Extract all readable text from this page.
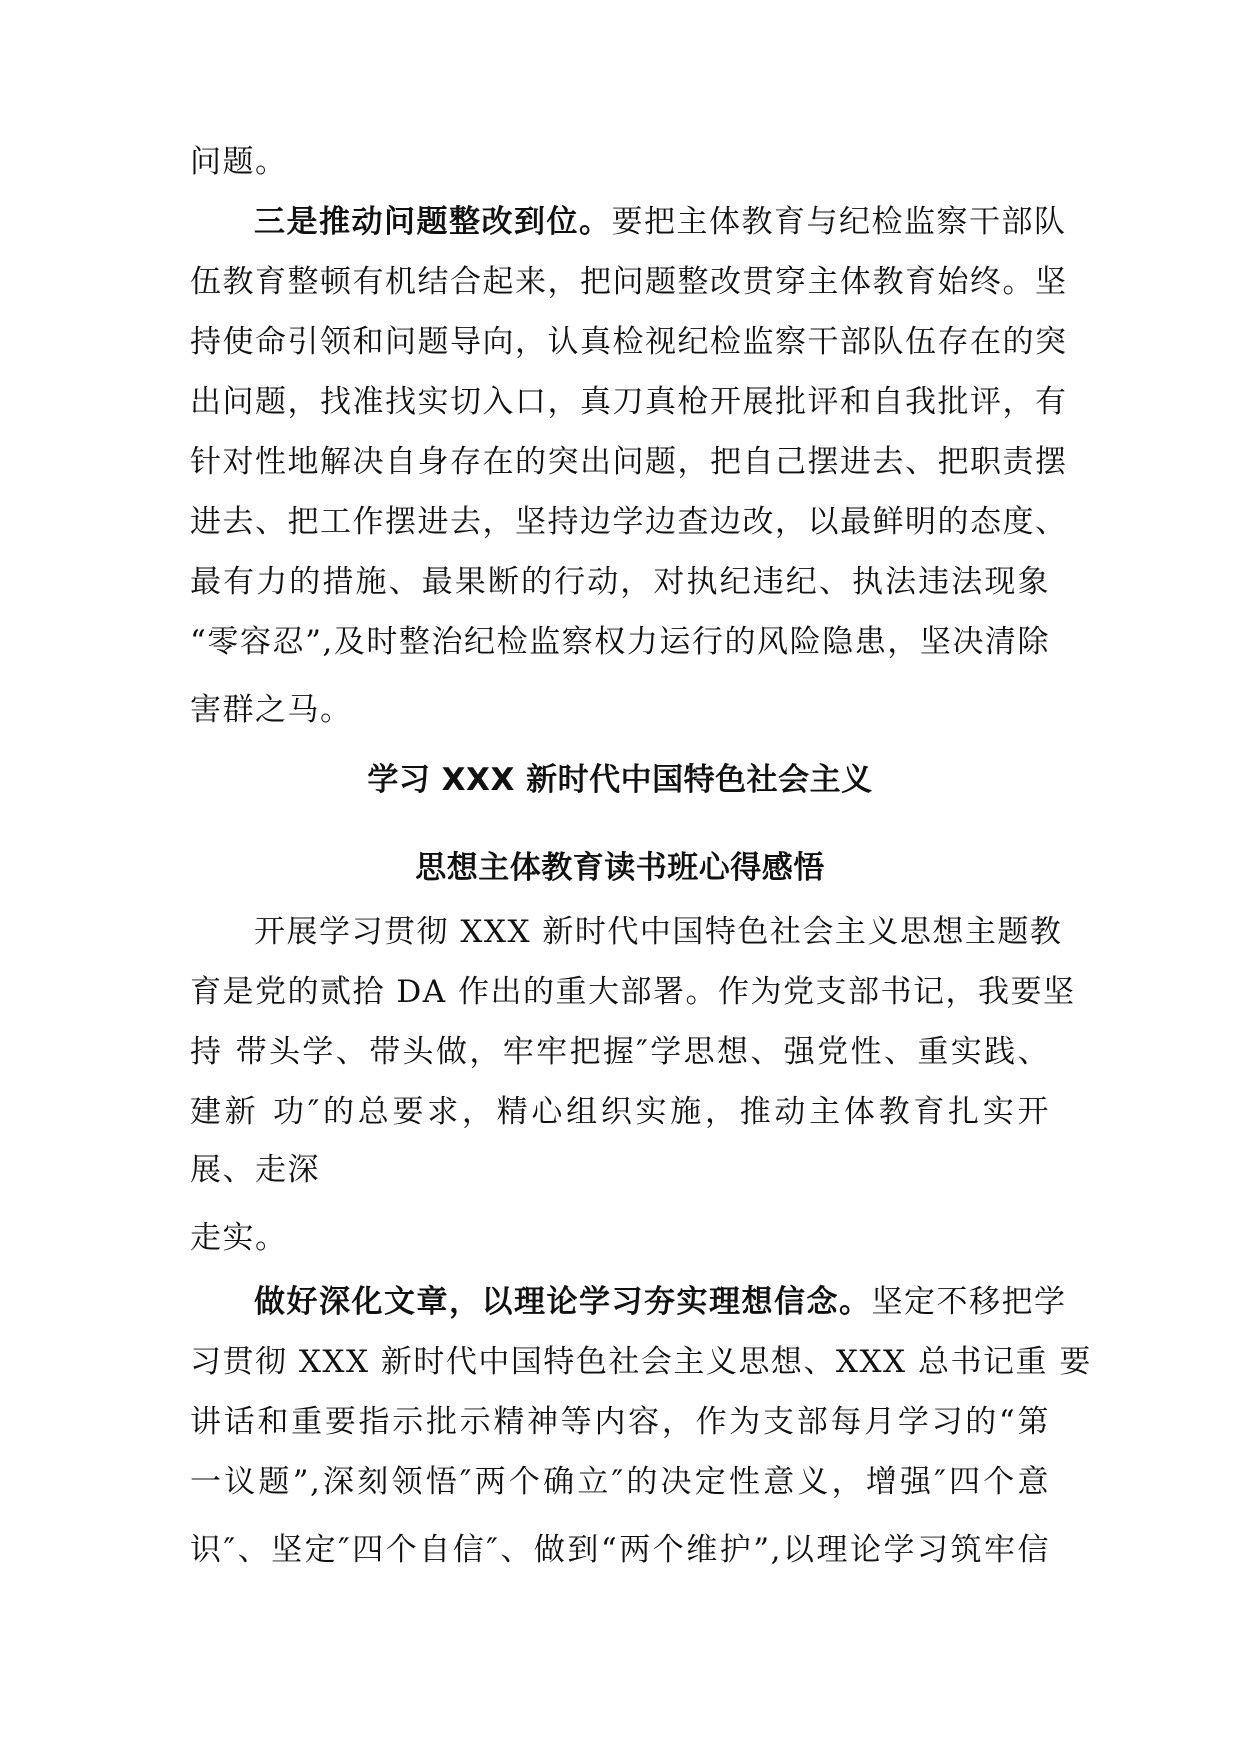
问题。
三是推动问题整改到位。要把主体教育与纪检监察干部队
伍教育整顿有机结合起来，把问题整改贯穿主体教育始终。坚
持使命引领和问题导向，认真检视纪检监察干部队伍存在的突
出问题，找准找实切入口，真刀真枪开展批评和自我批评，有
针对性地解决自身存在的突出问题，把自己摆进去、把职责摆
进去、把工作摆进去，坚持边学边查边改，以最鲜明的态度、
最有力的措施、最果断的行动，对执纪违纪、执法违法现象
“零容忍”,及时整治纪检监察权力运行的风险隐患，坚决清除
害群之马。
学习 XXX 新时代中国特色社会主义
思想主体教育读书班心得感悟
开展学习贯彻 XXX 新时代中国特色社会主义思想主题教
育是党的贰拾 DA 作出的重大部署。作为党支部书记，我要坚
持 带头学、带头做，牢牢把握″学思想、强党性、重实践、
建新 功″的总要求，精心组织实施，推动主体教育扎实开
展、走深
走实。
做好深化文章，以理论学习夯实理想信念。坚定不移把学
习贯彻 XXX 新时代中国特色社会主义思想、XXX 总书记重 要
讲话和重要指示批示精神等内容，作为支部每月学习的“第
一议题”,深刻领悟″两个确立″的决定性意义，增强″四个意
识″、坚定″四个自信″、做到“两个维护”,以理论学习筑牢信
